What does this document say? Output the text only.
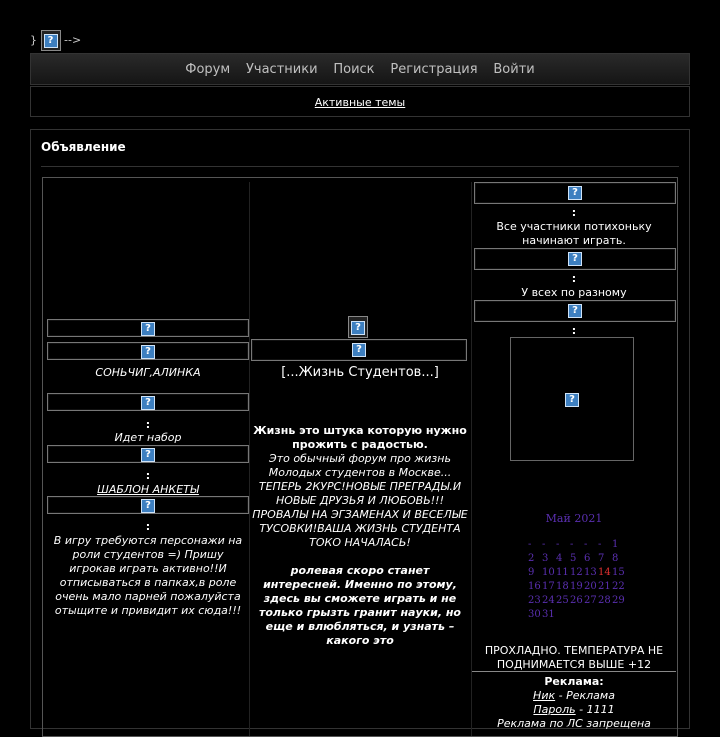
} ? -->
Форум Участники Поиск Регистрация Войти
Активные темы
Объявление
?
?
СОНЬЧИГ,АЛИНКА
?
:
Идет набор
?
:
ШАБЛОН АНКЕТЫ
?
:
В игру требуются персонажи на роли студентов =) Пришу игрокав играть активно!!И отписываться в папках,в роле очень мало парней пожалуйста отыщите и привидит их сюда!!!
?
?
[...Жизнь Студентов...]
Жизнь это штука которую нужно прожить с радостью.
Это обычный форум про жизнь Молодых студентов в Москве... ТЕПЕРЬ 2КУРС!НОВЫЕ ПРЕГРАДЫ.И НОВЫЕ ДРУЗЬЯ И ЛЮБОВЬ!!! ПРОВАЛЫ НА ЭГЗАМЕНАХ И ВЕСЕЛЫЕ ТУСОВКИ!ВАША ЖИЗНЬ СТУДЕНТА ТОКО НАЧАЛАСЬ!

ролевая скоро станет интересней. Именно по этому, здесь вы сможете играть и не только грызть гранит науки, но еще и влюбляться, и узнать – какого это
?
:
Все участники потихоньку начинают играть.
?
:
У всех по разному
?
:
?
Май 2021
- - - - - - 1
2 3 4 5 6 7 8
9 101112131415
16171819202122
23242526272829
3031
ПРОХЛАДНО. ТЕМПЕРАТУРА НЕ ПОДНИМАЕТСЯ ВЫШЕ +12
Реклама:
Ник - Реклама
Пароль - 1111
Реклама по ЛС запрещена
